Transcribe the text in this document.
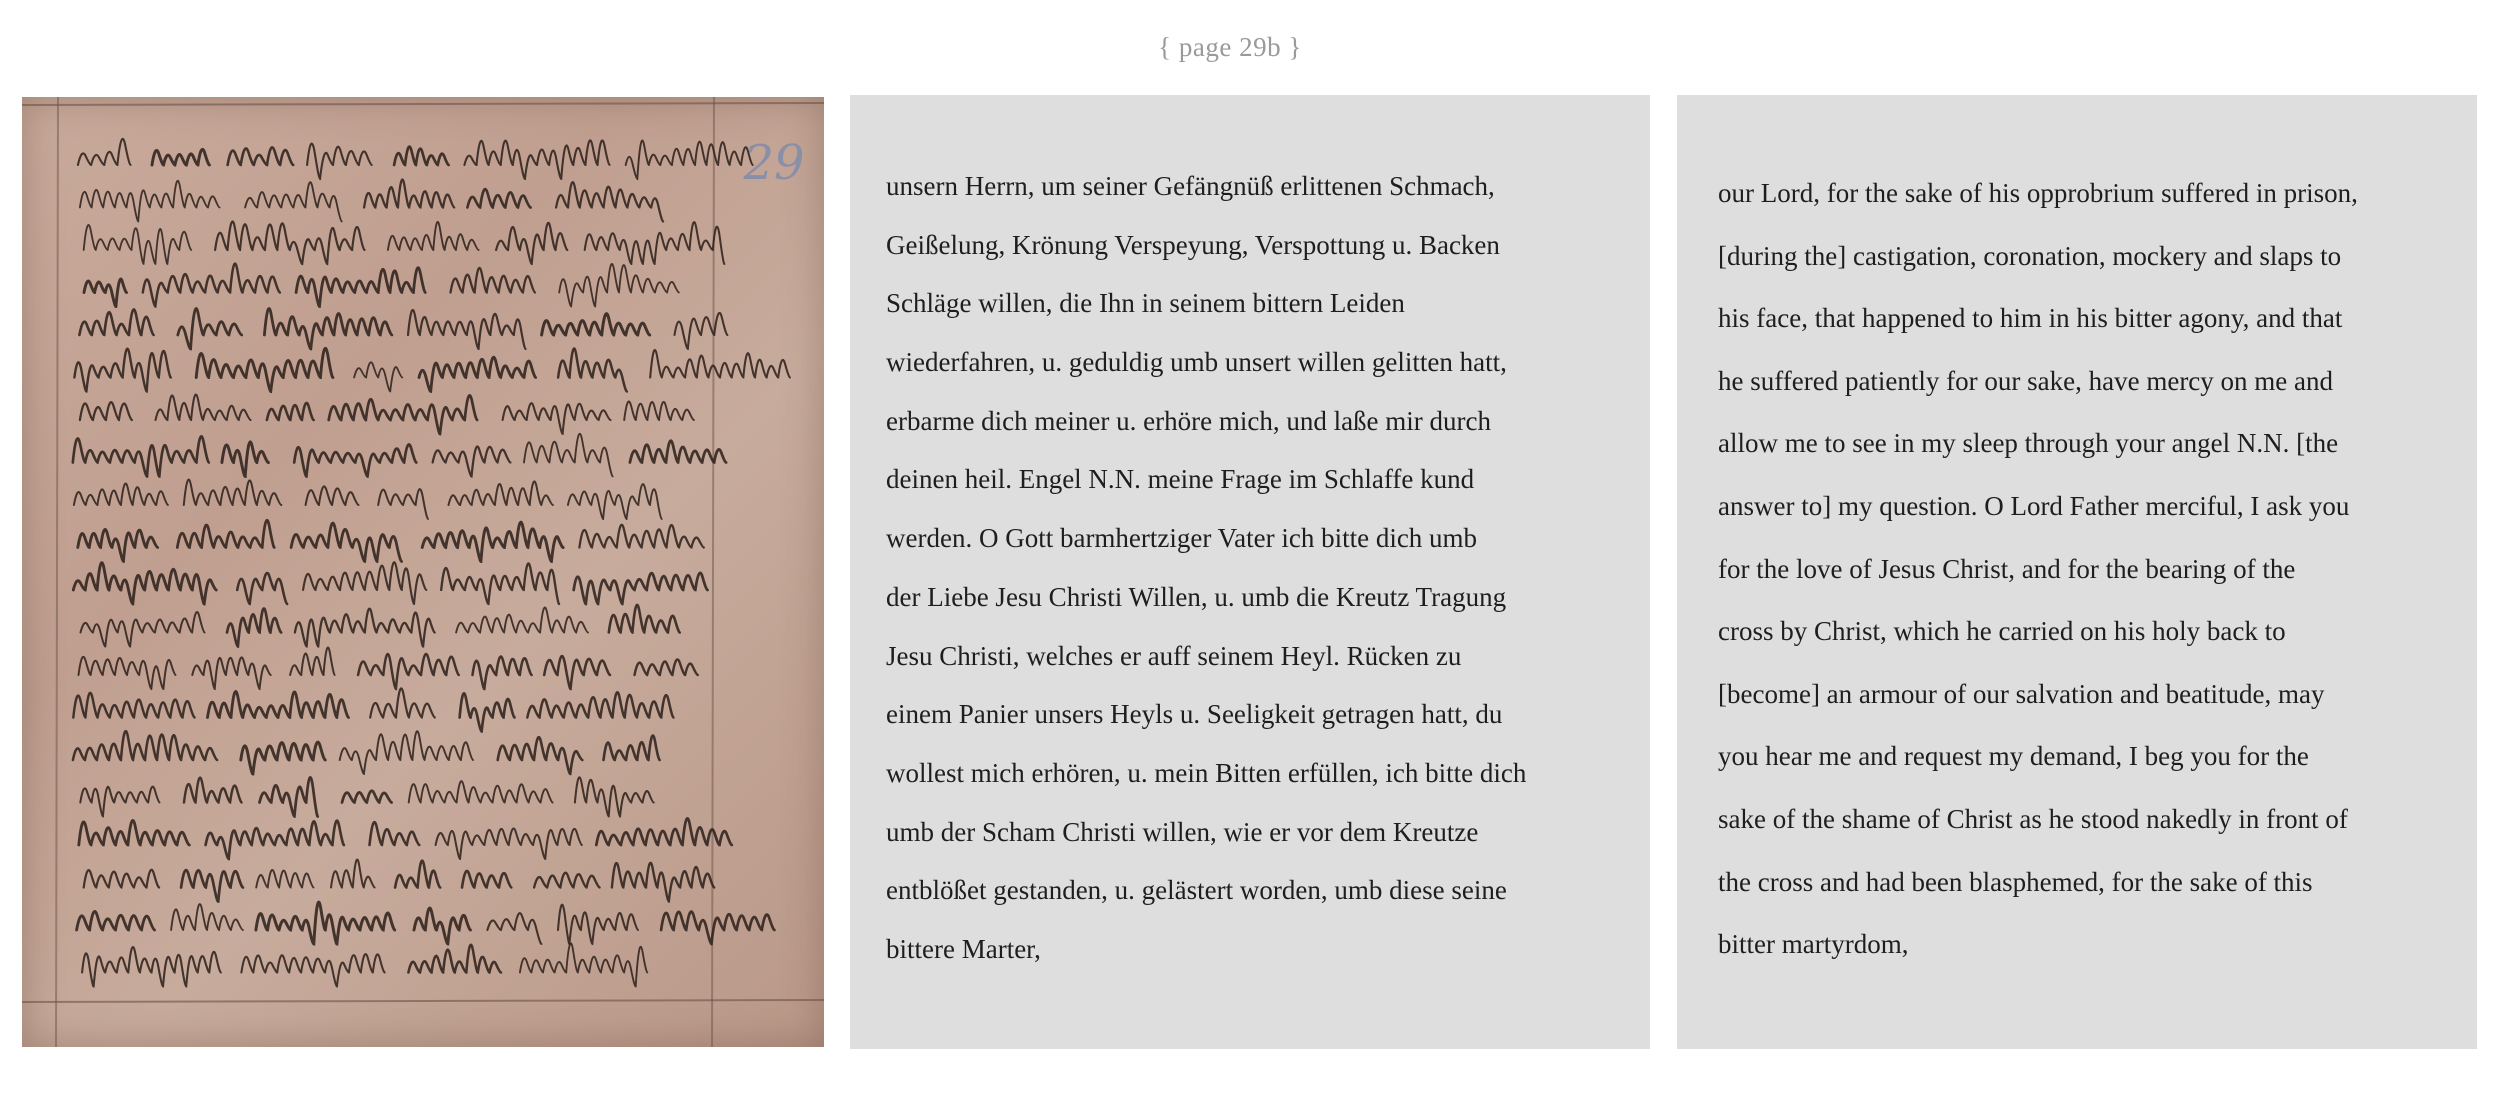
{ page 29b }
29	unsern Herrn, um seiner Gefängnüß erlittenen Schmach,
Geißelung, Krönung Verspeyung, Verspottung u. Backen
Schläge willen, die Ihn in seinem bittern Leiden
wiederfahren, u. geduldig umb unsert willen gelitten hatt,
erbarme dich meiner u. erhöre mich, und laße mir durch
deinen heil. Engel N.N. meine Frage im Schlaffe kund
werden. O Gott barmhertziger Vater ich bitte dich umb
der Liebe Jesu Christi Willen, u. umb die Kreutz Tragung
Jesu Christi, welches er auff seinem Heyl. Rücken zu
einem Panier unsers Heyls u. Seeligkeit getragen hatt, du
wollest mich erhören, u. mein Bitten erfüllen, ich bitte dich
umb der Scham Christi willen, wie er vor dem Kreutze
entblößet gestanden, u. gelästert worden, umb diese seine
bittere Marter,
our Lord, for the sake of his opprobrium suffered in prison,
[during the] castigation, coronation, mockery and slaps to
his face, that happened to him in his bitter agony, and that
he suffered patiently for our sake, have mercy on me and
allow me to see in my sleep through your angel N.N. [the
answer to] my question. O Lord Father merciful, I ask you
for the love of Jesus Christ, and for the bearing of the
cross by Christ, which he carried on his holy back to
[become] an armour of our salvation and beatitude, may
you hear me and request my demand, I beg you for the
sake of the shame of Christ as he stood nakedly in front of
the cross and had been blasphemed, for the sake of this
bitter martyrdom,
